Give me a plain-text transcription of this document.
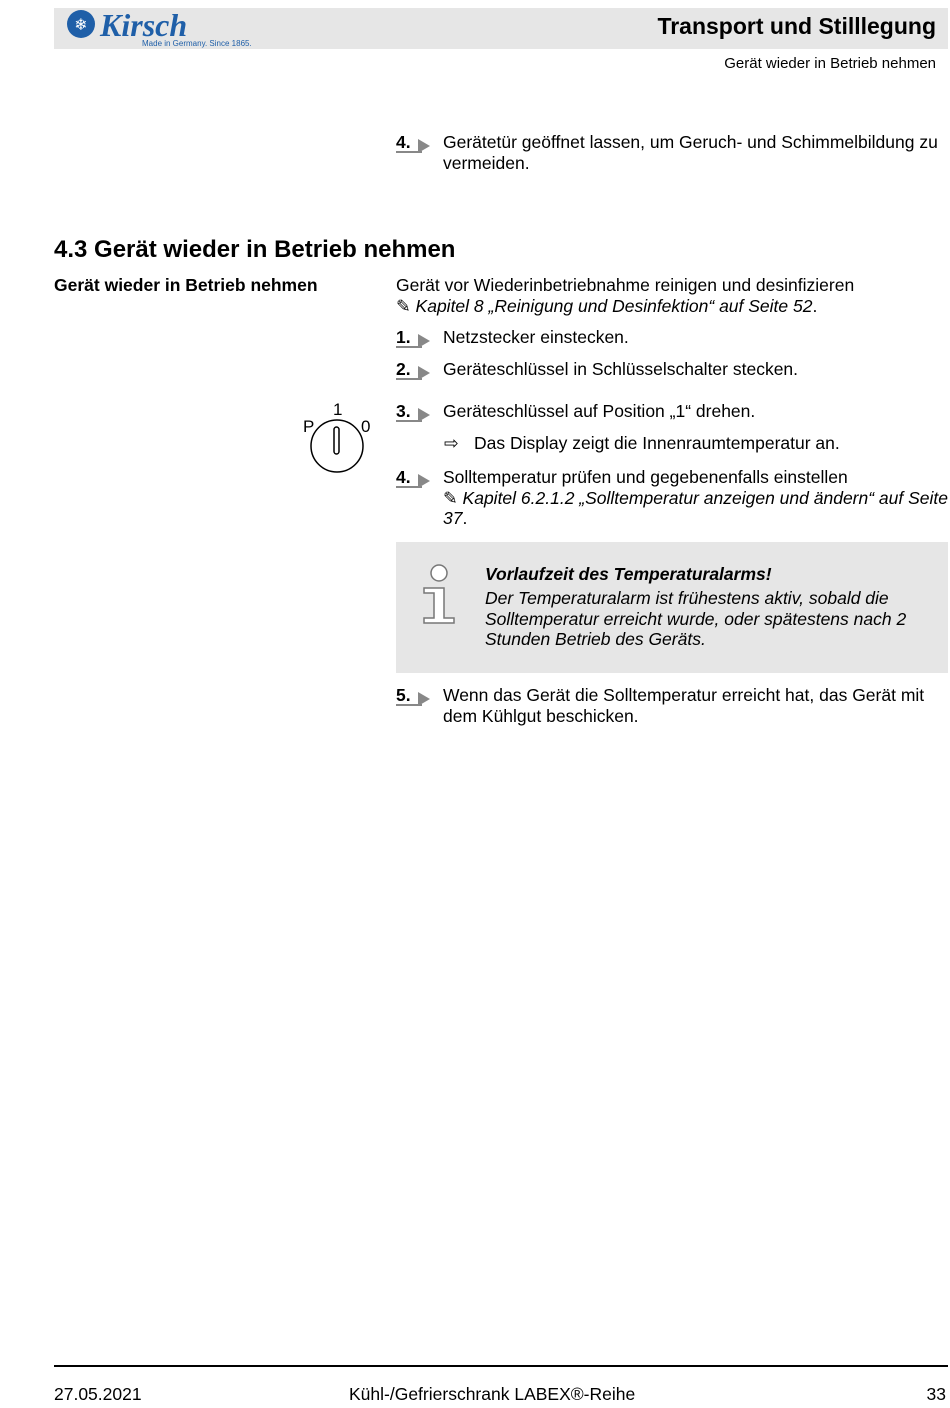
❄ Kirsch
Made in Germany. Since 1865.
Transport und Stilllegung
Gerät wieder in Betrieb nehmen
4.	Gerätetür geöffnet lassen, um Geruch- und Schimmelbildung zu vermeiden.
4.3 Gerät wieder in Betrieb nehmen
Gerät wieder in Betrieb nehmen	Gerät vor Wiederinbetriebnahme reinigen und desinfizieren
✎ Kapitel 8 „Reinigung und Desinfektion“ auf Seite 52.
1.	Netzstecker einstecken.
2.	Geräteschlüssel in Schlüsselschalter stecken.
P
1
0
3.	Geräteschlüssel auf Position „1“ drehen.
⇨ Das Display zeigt die Innenraumtemperatur an.
4.	Solltemperatur prüfen und gegebenenfalls einstellen
✎ Kapitel 6.2.1.2 „Solltemperatur anzeigen und ändern“ auf Seite 37.
Vorlaufzeit des Temperaturalarms!
Der Temperaturalarm ist frühestens aktiv, sobald die Solltemperatur erreicht wurde, oder spätestens nach 2 Stunden Betrieb des Geräts.
5.	Wenn das Gerät die Solltemperatur erreicht hat, das Gerät mit dem Kühlgut beschicken.
27.05.2021	Kühl-/Gefrierschrank LABEX®-Reihe	33
